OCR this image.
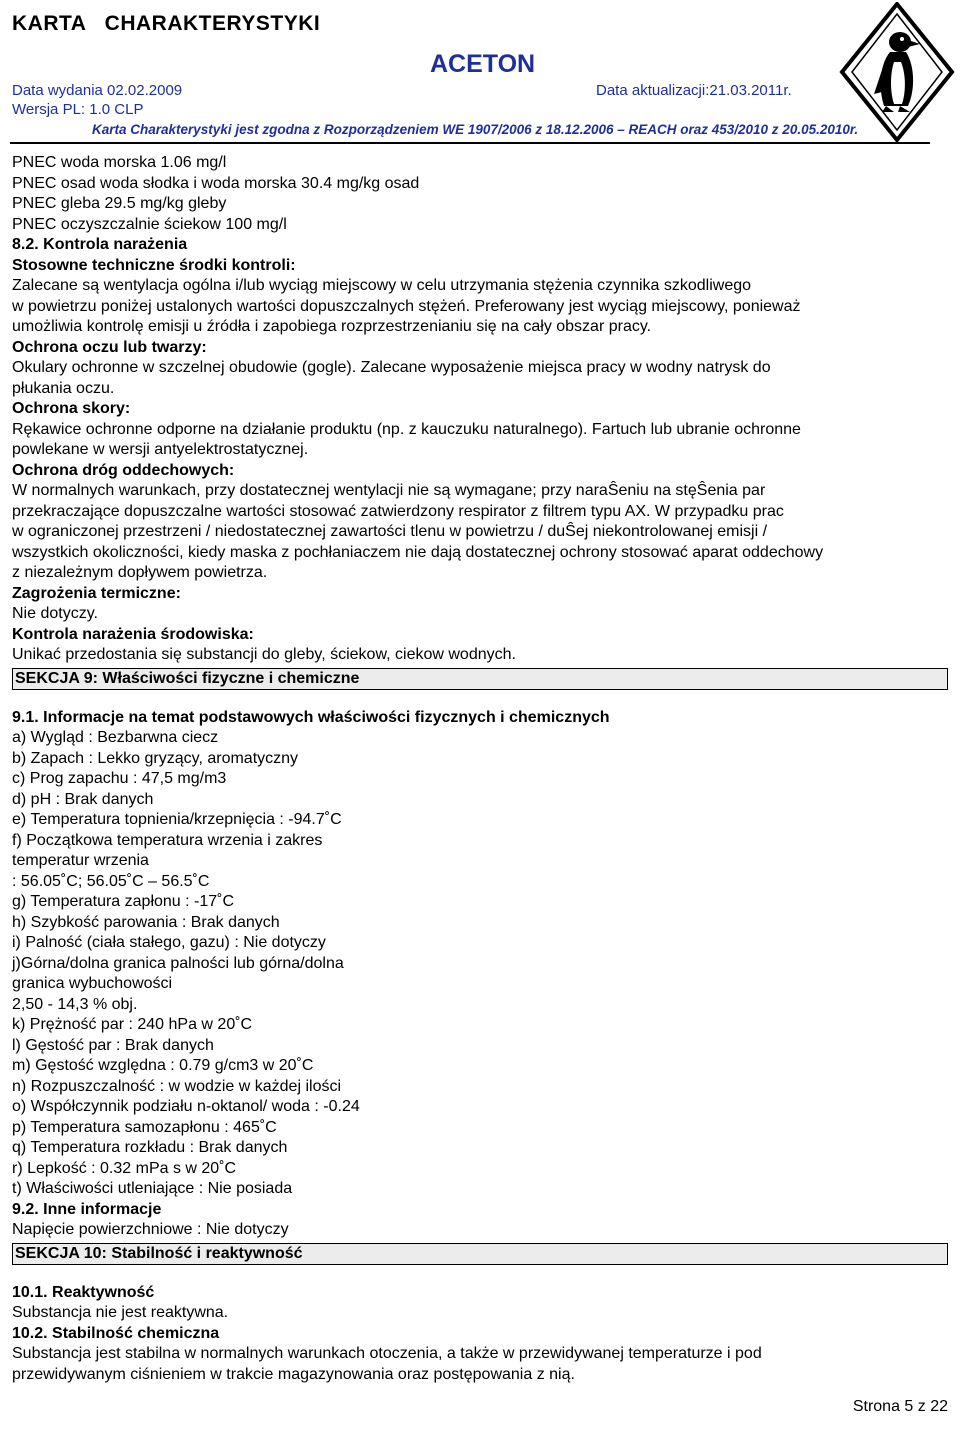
KARTA   CHARAKTERYSTYKI
ACETON
Data wydania 02.02.2009	Data aktualizacji:21.03.2011r.
Wersja PL: 1.0 CLP
Karta Charakterystyki jest zgodna z Rozporządzeniem WE 1907/2006 z 18.12.2006 – REACH oraz 453/2010 z 20.05.2010r.

PNEC woda morska 1.06 mg/l

PNEC osad woda słodka i woda morska 30.4 mg/kg osad

PNEC gleba 29.5 mg/kg gleby

PNEC oczyszczalnie ściekow 100 mg/l

8.2. Kontrola narażenia

Stosowne techniczne środki kontroli:

Zalecane są wentylacja ogólna i/lub wyciąg miejscowy w celu utrzymania stężenia czynnika szkodliwego

w powietrzu poniżej ustalonych wartości dopuszczalnych stężeń. Preferowany jest wyciąg miejscowy, ponieważ

umożliwia kontrolę emisji u źródła i zapobiega rozprzestrzenianiu się na cały obszar pracy.

Ochrona oczu lub twarzy:

Okulary ochronne w szczelnej obudowie (gogle). Zalecane wyposażenie miejsca pracy w wodny natrysk do

płukania oczu.

Ochrona skory:

Rękawice ochronne odporne na działanie produktu (np. z kauczuku naturalnego). Fartuch lub ubranie ochronne

powlekane w wersji antyelektrostatycznej.

Ochrona dróg oddechowych:

W normalnych warunkach, przy dostatecznej wentylacji nie są wymagane; przy naraŜeniu na stęŜenia par

przekraczające dopuszczalne wartości stosować zatwierdzony respirator z filtrem typu AX. W przypadku prac

w ograniczonej przestrzeni / niedostatecznej zawartości tlenu w powietrzu / duŜej niekontrolowanej emisji /

wszystkich okoliczności, kiedy maska z pochłaniaczem nie dają dostatecznej ochrony stosować aparat oddechowy

z niezależnym dopływem powietrza.

Zagrożenia termiczne:

Nie dotyczy.

Kontrola narażenia środowiska:

Unikać przedostania się substancji do gleby, ściekow, ciekow wodnych.

SEKCJA 9: Właściwości fizyczne i chemiczne

9.1. Informacje na temat podstawowych właściwości fizycznych i chemicznych

a) Wygląd : Bezbarwna ciecz

b) Zapach : Lekko gryzący, aromatyczny

c) Prog zapachu : 47,5 mg/m3

d) pH : Brak danych

e) Temperatura topnienia/krzepnięcia : -94.7˚C

f) Początkowa temperatura wrzenia i zakres

temperatur wrzenia

: 56.05˚C; 56.05˚C – 56.5˚C

g) Temperatura zapłonu : -17˚C

h) Szybkość parowania : Brak danych

i) Palność (ciała stałego, gazu) : Nie dotyczy

j)Górna/dolna granica palności lub górna/dolna

granica wybuchowości

2,50 - 14,3 % obj.

k) Prężność par : 240 hPa w 20˚C

l) Gęstość par : Brak danych

m) Gęstość względna : 0.79 g/cm3 w 20˚C

n) Rozpuszczalność : w wodzie w każdej ilości

o) Współczynnik podziału n-oktanol/ woda : -0.24

p) Temperatura samozapłonu : 465˚C

q) Temperatura rozkładu : Brak danych

r) Lepkość : 0.32 mPa s w 20˚C

t) Właściwości utleniające : Nie posiada

9.2. Inne informacje

Napięcie powierzchniowe : Nie dotyczy

SEKCJA 10: Stabilność i reaktywność

10.1. Reaktywność

Substancja nie jest reaktywna.

10.2. Stabilność chemiczna

Substancja jest stabilna w normalnych warunkach otoczenia, a także w przewidywanej temperaturze i pod

przewidywanym ciśnieniem w trakcie magazynowania oraz postępowania z nią.

Strona 5 z 22
